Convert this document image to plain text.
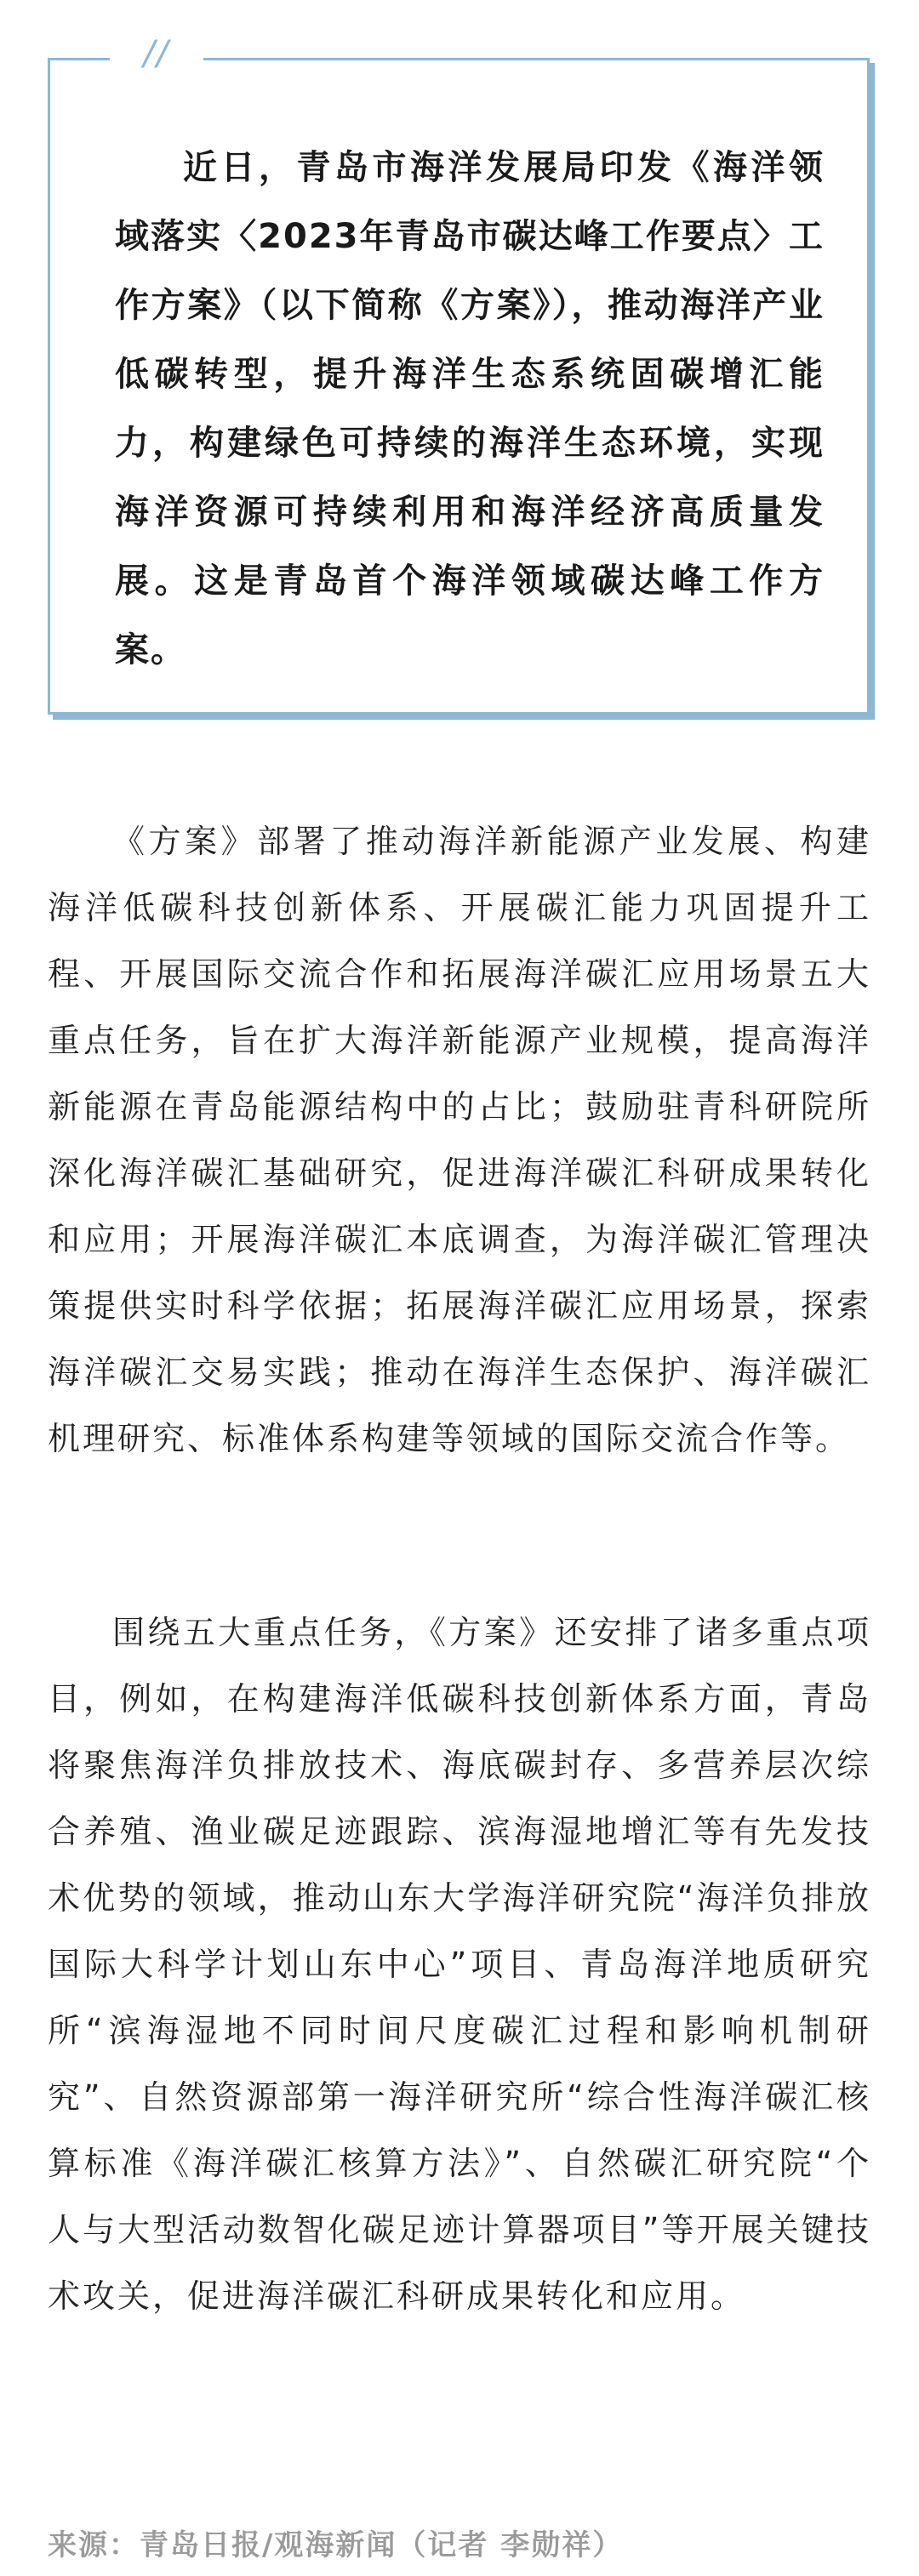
//

近日，青岛市海洋发展局印发《海洋领域落实〈2023年青岛市碳达峰工作要点〉工作方案》（以下简称《方案》），推动海洋产业低碳转型，提升海洋生态系统固碳增汇能力，构建绿色可持续的海洋生态环境，实现海洋资源可持续利用和海洋经济高质量发展。这是青岛首个海洋领域碳达峰工作方案。

《方案》部署了推动海洋新能源产业发展、构建海洋低碳科技创新体系、开展碳汇能力巩固提升工程、开展国际交流合作和拓展海洋碳汇应用场景五大重点任务，旨在扩大海洋新能源产业规模，提高海洋新能源在青岛能源结构中的占比；鼓励驻青科研院所深化海洋碳汇基础研究，促进海洋碳汇科研成果转化和应用；开展海洋碳汇本底调查，为海洋碳汇管理决策提供实时科学依据；拓展海洋碳汇应用场景，探索海洋碳汇交易实践；推动在海洋生态保护、海洋碳汇机理研究、标准体系构建等领域的国际交流合作等。

围绕五大重点任务，《方案》还安排了诸多重点项目，例如，在构建海洋低碳科技创新体系方面，青岛将聚焦海洋负排放技术、海底碳封存、多营养层次综合养殖、渔业碳足迹跟踪、滨海湿地增汇等有先发技术优势的领域，推动山东大学海洋研究院“海洋负排放国际大科学计划山东中心”项目、青岛海洋地质研究所“滨海湿地不同时间尺度碳汇过程和影响机制研究”、自然资源部第一海洋研究所“综合性海洋碳汇核算标准《海洋碳汇核算方法》”、自然碳汇研究院“个人与大型活动数智化碳足迹计算器项目”等开展关键技术攻关，促进海洋碳汇科研成果转化和应用。

来源：青岛日报/观海新闻（记者 李勋祥）
